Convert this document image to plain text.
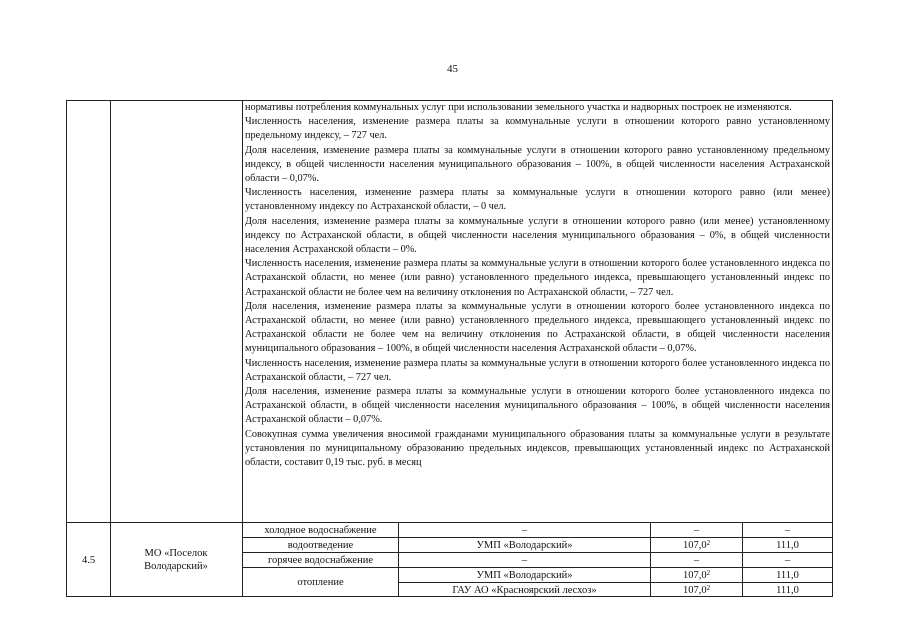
45

нормативы потребления коммунальных услуг при использовании земельного участка и надворных построек не изменяются.

Численность населения, изменение размера платы за коммунальные услуги в отношении которого равно установленному предельному индексу, – 727 чел.

Доля населения, изменение размера платы за коммунальные услуги в отношении которого равно установленному предельному индексу, в общей численности населения муниципального образования – 100%, в общей численности населения Астраханской области – 0,07%.

Численность населения, изменение размера платы за коммунальные услуги в отношении которого равно (или менее) установленному индексу по Астраханской области, – 0 чел.

Доля населения, изменение размера платы за коммунальные услуги в отношении которого равно (или менее) установленному индексу по Астраханской области, в общей численности населения муниципального образования – 0%, в общей численности населения Астраханской области – 0%.

Численность населения, изменение размера платы за коммунальные услуги в отношении которого более установленного индекса по Астраханской области, но менее (или равно) установленного предельного индекса, превышающего установленный индекс по Астраханской области не более чем на величину отклонения по Астраханской области, – 727 чел.

Доля населения, изменение размера платы за коммунальные услуги в отношении которого более установленного индекса по Астраханской области, но менее (или равно) установленного предельного индекса, превышающего установленный индекс по Астраханской области не более чем на величину отклонения по Астраханской области, в общей численности населения муниципального образования – 100%, в общей численности населения Астраханской области – 0,07%.

Численность населения, изменение размера платы за коммунальные услуги в отношении которого более установленного индекса по Астраханской области, – 727 чел.

Доля населения, изменение размера платы за коммунальные услуги в отношении которого более установленного индекса по Астраханской области, в общей численности населения муниципального образования – 100%, в общей численности населения Астраханской области – 0,07%.

Совокупная сумма увеличения вносимой гражданами муниципального образования платы за коммунальные услуги в результате установления по муниципальному образованию предельных индексов, превышающих установленный индекс по Астраханской области, составит 0,19 тыс. руб. в месяц

4.5
МО «Поселок Володарский»
холодное водоснабжение
водоотведение
горячее водоснабжение
отопление
–
УМП «Володарский»
–
УМП «Володарский»
ГАУ АО «Красноярский лесхоз»
–
107,0$^2$
–
107,0$^2$
107,0$^2$
–
111,0
–
111,0
111,0
